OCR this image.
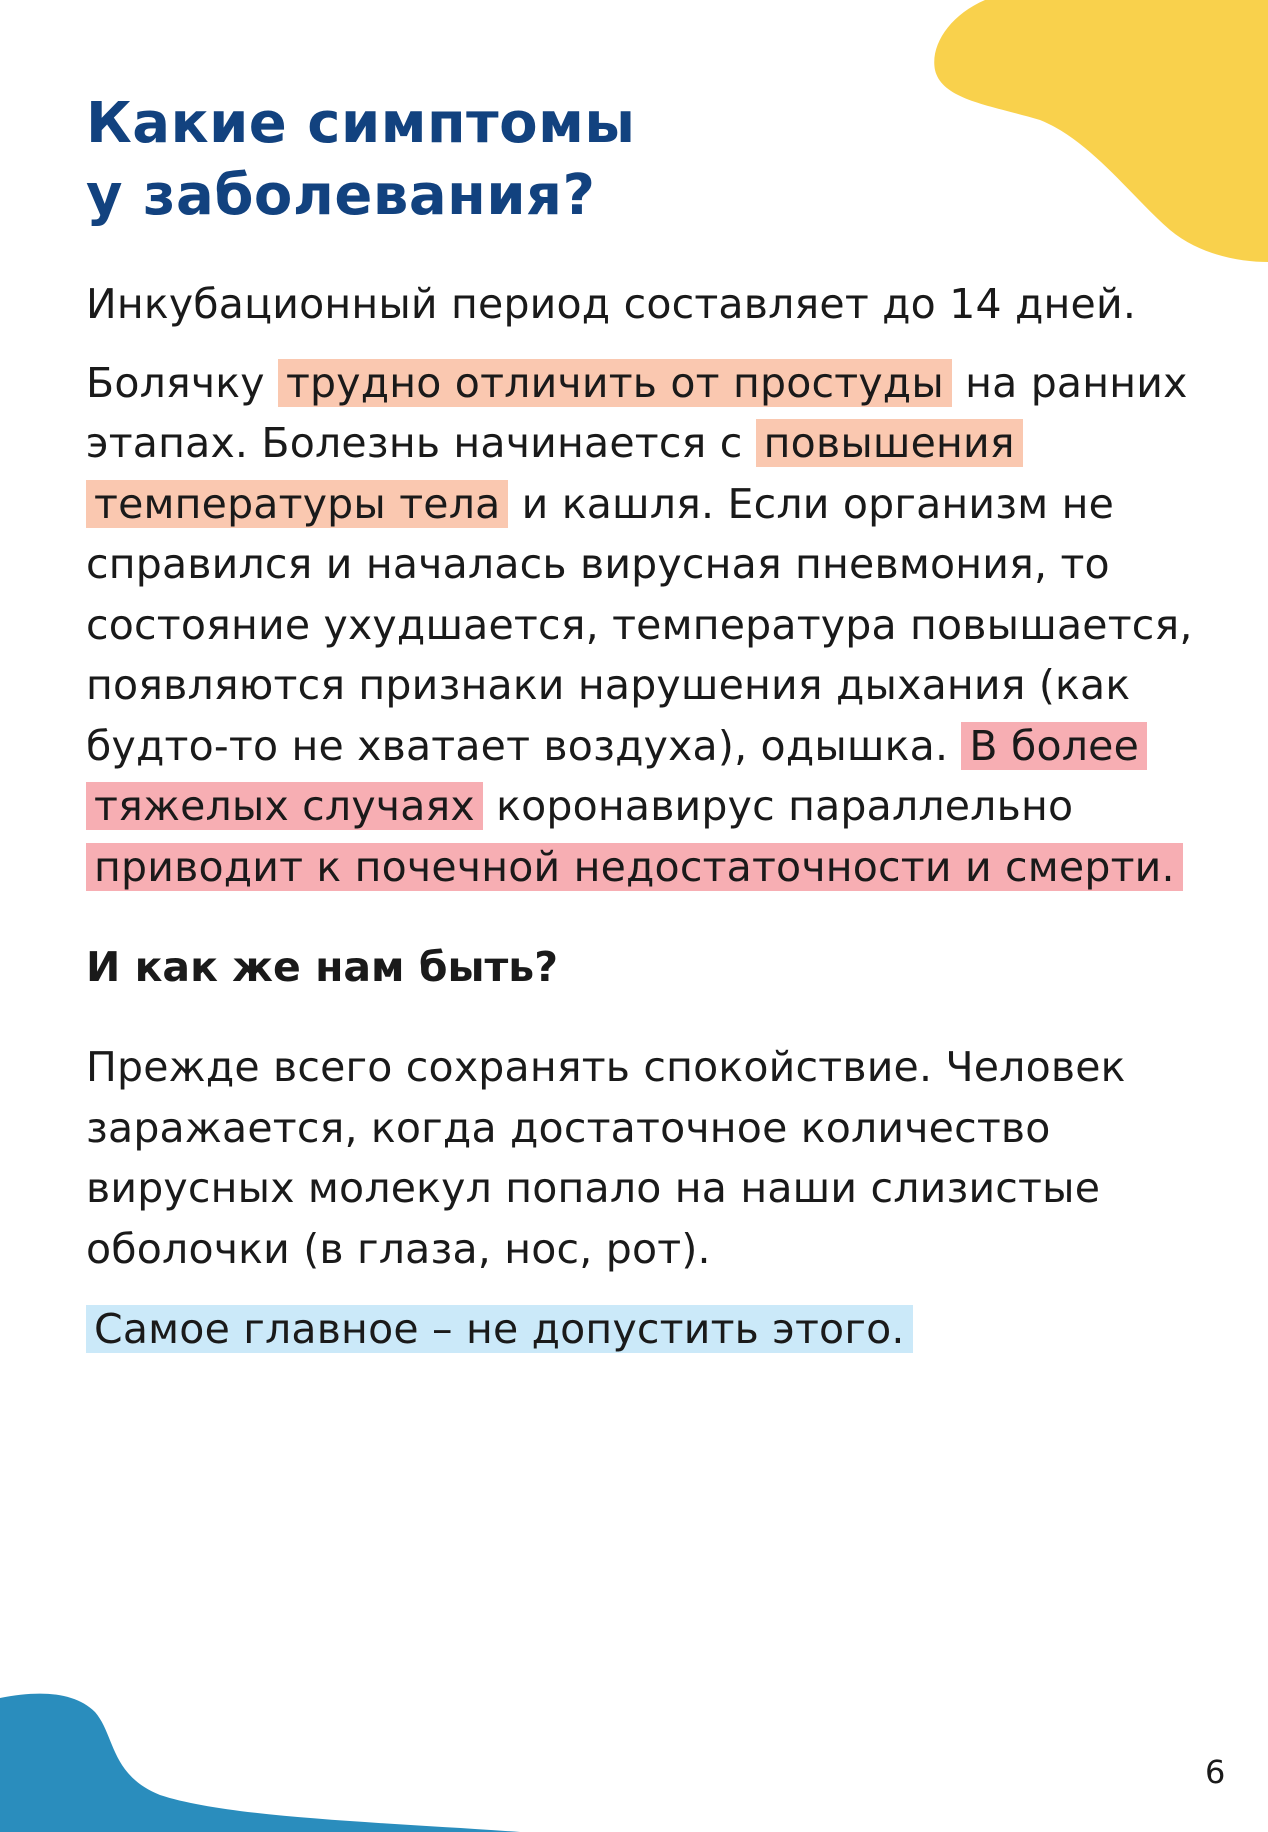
Какие симптомы
у заболевания?

Инкубационный период составляет до 14 дней.

Болячку трудно отличить от простуды на ранних этапах. Болезнь начинается с повышения температуры тела и кашля. Если организм не справился и началась вирусная пневмония, то состояние ухудшается, температура повышается, появляются признаки нарушения дыхания (как будто-то не хватает воздуха), одышка. В более тяжелых случаях коронавирус параллельно приводит к почечной недостаточности и смерти.

И как же нам быть?

Прежде всего сохранять спокойствие. Человек заражается, когда достаточное количество вирусных молекул попало на наши слизистые оболочки (в глаза, нос, рот).

Самое главное – не допустить этого.

6
